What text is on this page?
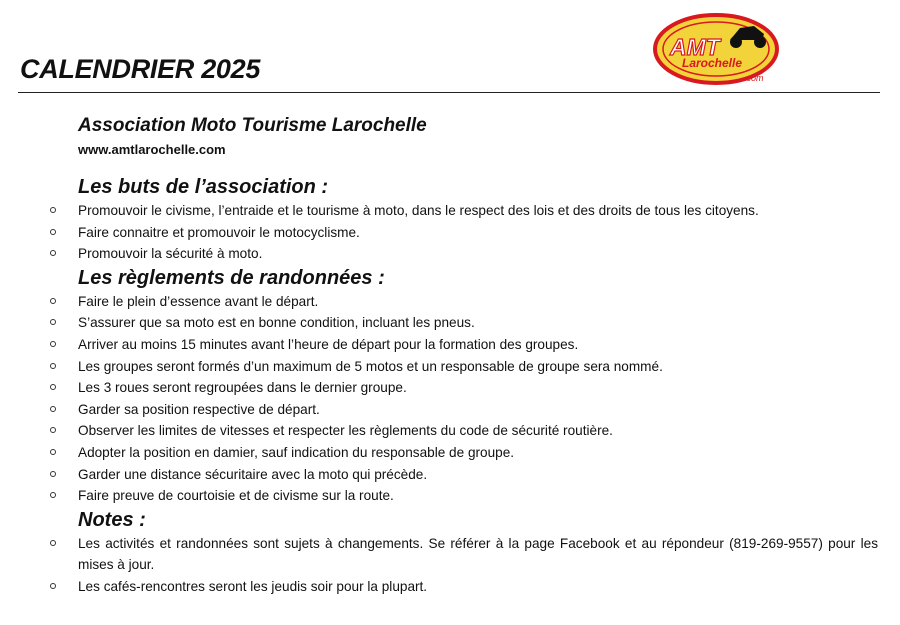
CALENDRIER 2025
AMT
Larochelle
.com
Association Moto Tourisme Larochelle
www.amtlarochelle.com
Les buts de l’association :
Promouvoir le civisme, l’entraide et le tourisme à moto, dans le respect des lois et des droits de tous les citoyens.
Faire connaitre et promouvoir le motocyclisme.
Promouvoir la sécurité à moto.
Les règlements de randonnées :
Faire le plein d’essence avant le départ.
S’assurer que sa moto est en bonne condition, incluant les pneus.
Arriver au moins 15 minutes avant l’heure de départ pour la formation des groupes.
Les groupes seront formés d’un maximum de 5 motos et un responsable de groupe sera nommé.
Les 3 roues seront regroupées dans le dernier groupe.
Garder sa position respective de départ.
Observer les limites de vitesses et respecter les règlements du code de sécurité routière.
Adopter la position en damier, sauf indication du responsable de groupe.
Garder une distance sécuritaire avec la moto qui précède.
Faire preuve de courtoisie et de civisme sur la route.
Notes :
Les activités et randonnées sont sujets à changements. Se référer à la page Facebook et au répondeur (819-269-9557) pour les mises à jour.
Les cafés-rencontres seront les jeudis soir pour la plupart.
